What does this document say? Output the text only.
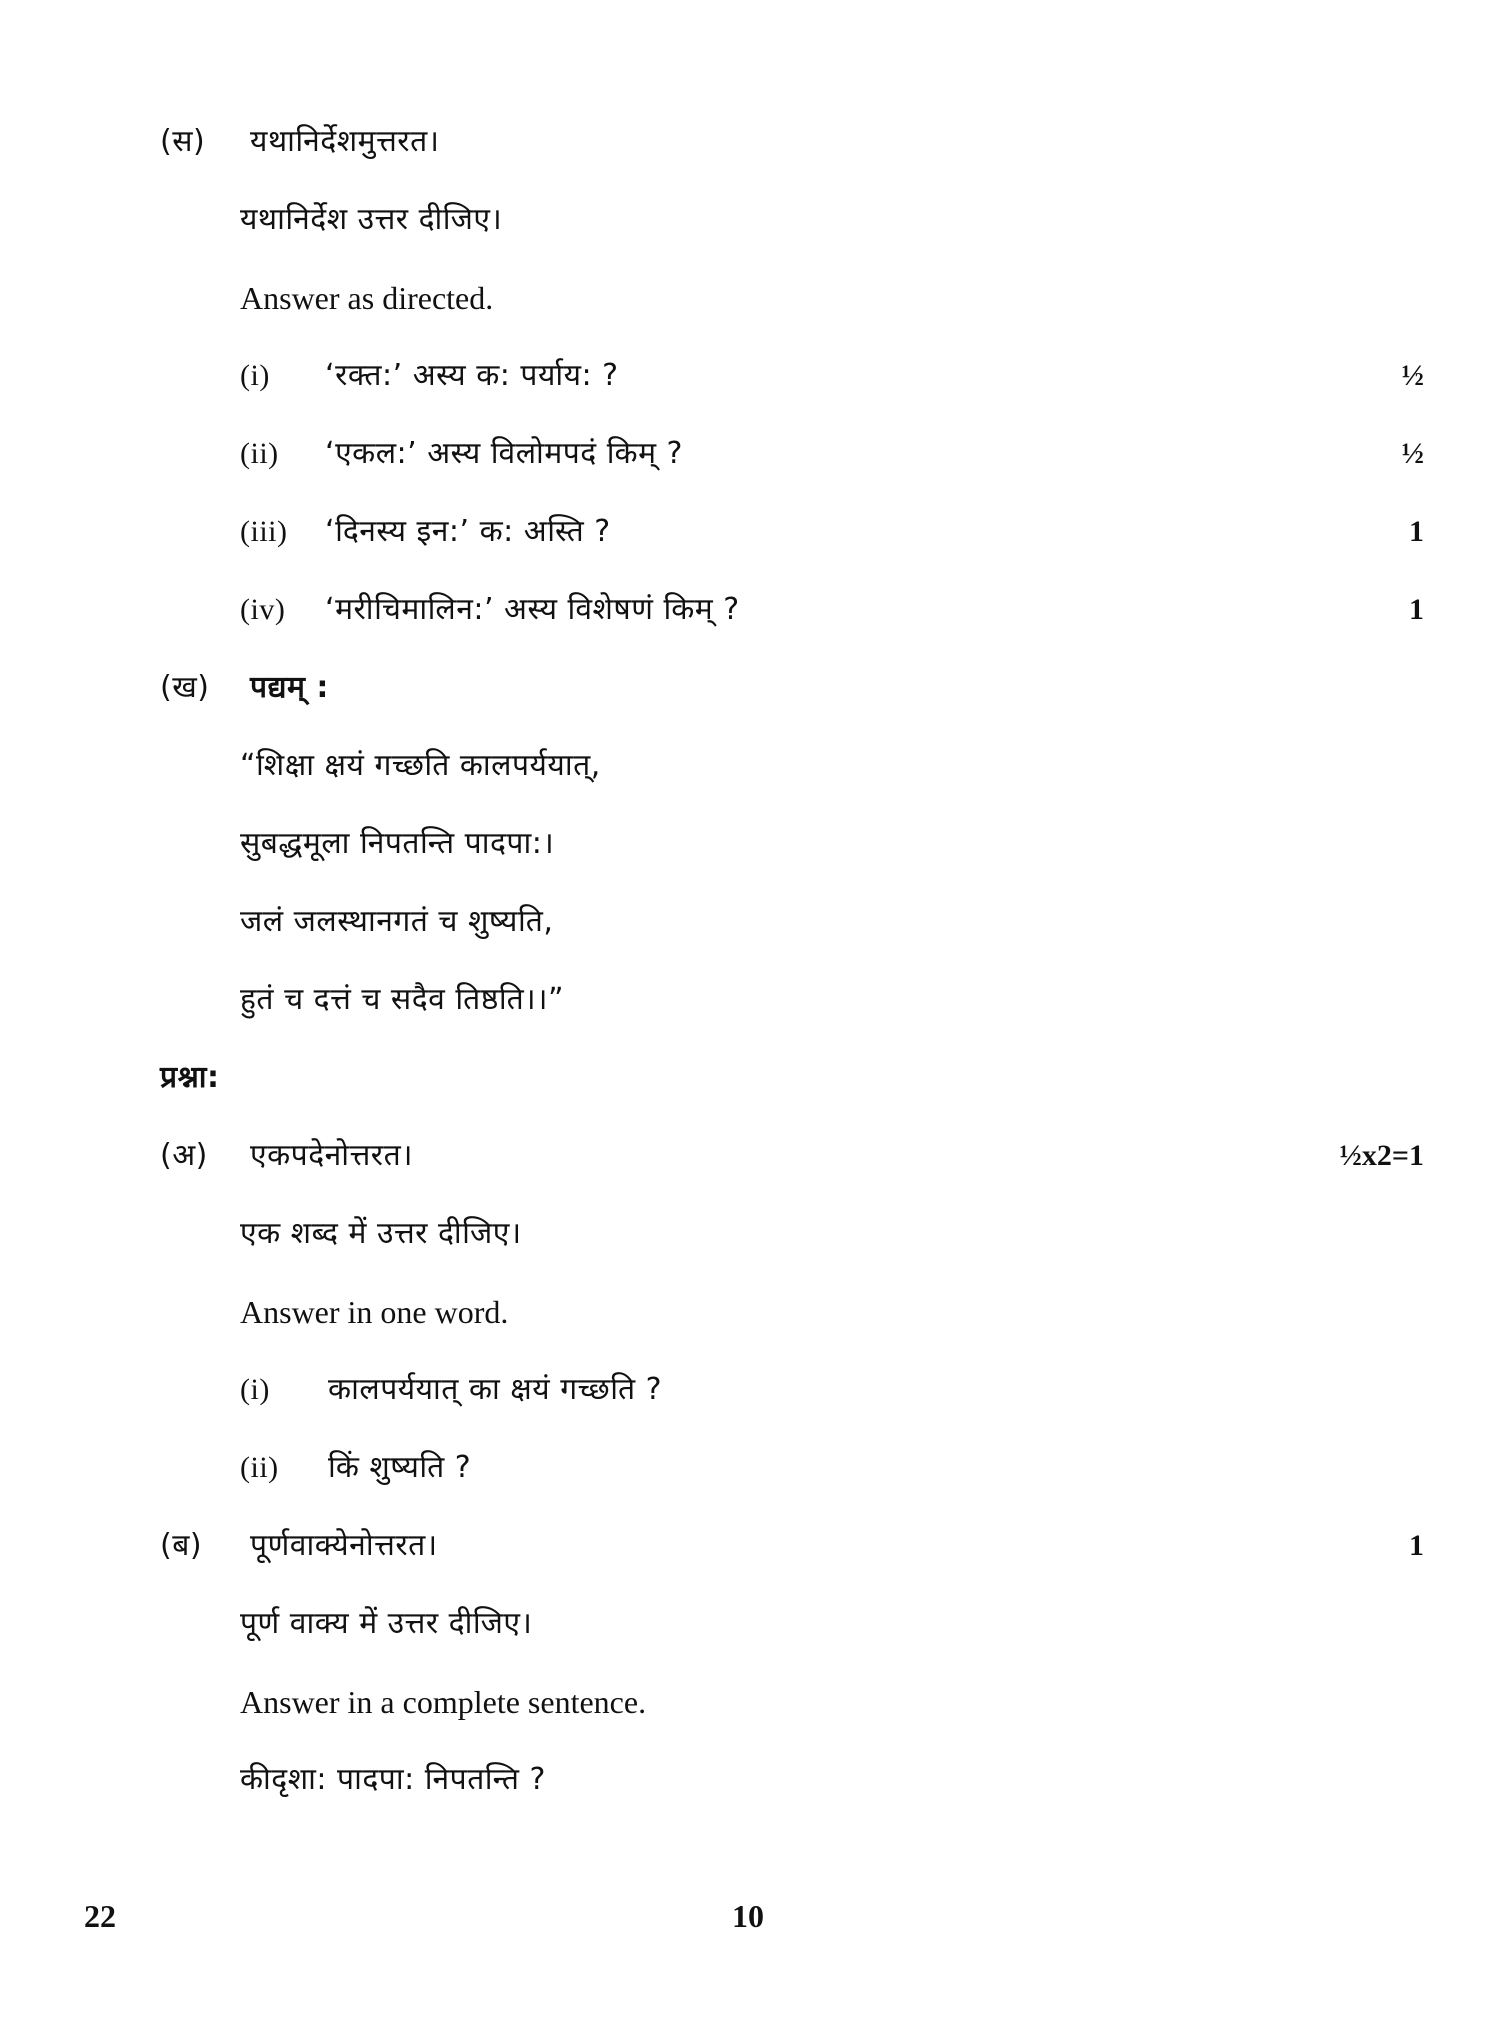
(स) यथानिर्देशमुत्तरत।
यथानिर्देश उत्तर दीजिए।
Answer as directed.
(i) ‘रक्त:’ अस्य क: पर्याय: ?	½
(ii) ‘एकल:’ अस्य विलोमपदं किम् ?	½
(iii) ‘दिनस्य इन:’ क: अस्ति ?	1
(iv) ‘मरीचिमालिन:’ अस्य विशेषणं किम् ?	1
(ख) पद्यम् :
“शिक्षा क्षयं गच्छति कालपर्ययात्,
सुबद्धमूला निपतन्ति पादपा:।
जलं जलस्थानगतं च शुष्यति,
हुतं च दत्तं च सदैव तिष्ठति।।”
प्रश्ना:
(अ) एकपदेनोत्तरत।	½x2=1
एक शब्द में उत्तर दीजिए।
Answer in one word.
(i) कालपर्ययात् का क्षयं गच्छति ?
(ii) किं शुष्यति ?
(ब) पूर्णवाक्येनोत्तरत।	1
पूर्ण वाक्य में उत्तर दीजिए।
Answer in a complete sentence.
कीदृशा: पादपा: निपतन्ति ?
22	10
